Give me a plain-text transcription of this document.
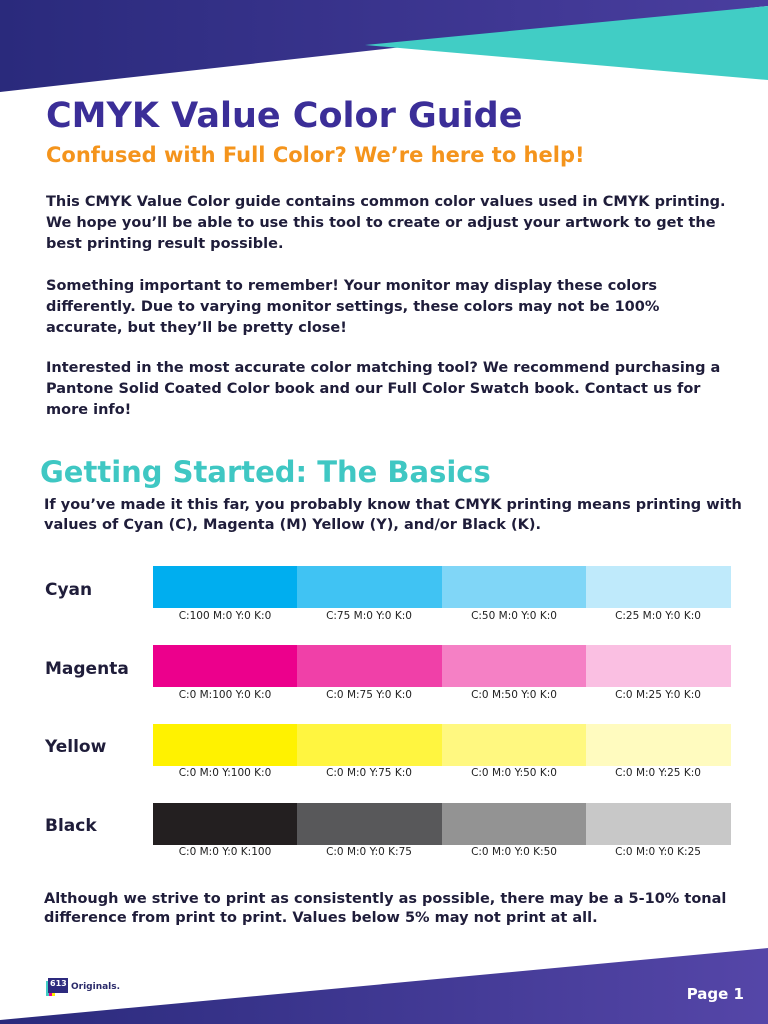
CMYK Value Color Guide
Confused with Full Color? We’re here to help!

This CMYK Value Color guide contains common color values used in CMYK printing. We hope you’ll be able to use this tool to create or adjust your artwork to get the best printing result possible.

Something important to remember! Your monitor may display these colors differently. Due to varying monitor settings, these colors may not be 100% accurate, but they’ll be pretty close!

Interested in the most accurate color matching tool? We recommend purchasing a Pantone Solid Coated Color book and our Full Color Swatch book. Contact us for more info!

Getting Started: The Basics

If you’ve made it this far, you probably know that CMYK printing means printing with values of Cyan (C), Magenta (M) Yellow (Y), and/or Black (K).

Cyan
C:100 M:0 Y:0 K:0	C:75 M:0 Y:0 K:0	C:50 M:0 Y:0 K:0	C:25 M:0 Y:0 K:0
Magenta
C:0 M:100 Y:0 K:0	C:0 M:75 Y:0 K:0	C:0 M:50 Y:0 K:0	C:0 M:25 Y:0 K:0
Yellow
C:0 M:0 Y:100 K:0	C:0 M:0 Y:75 K:0	C:0 M:0 Y:50 K:0	C:0 M:0 Y:25 K:0
Black
C:0 M:0 Y:0 K:100	C:0 M:0 Y:0 K:75	C:0 M:0 Y:0 K:50	C:0 M:0 Y:0 K:25

Although we strive to print as consistently as possible, there may be a 5-10% tonal difference from print to print. Values below 5% may not print at all.

613 Originals.	Page 1
